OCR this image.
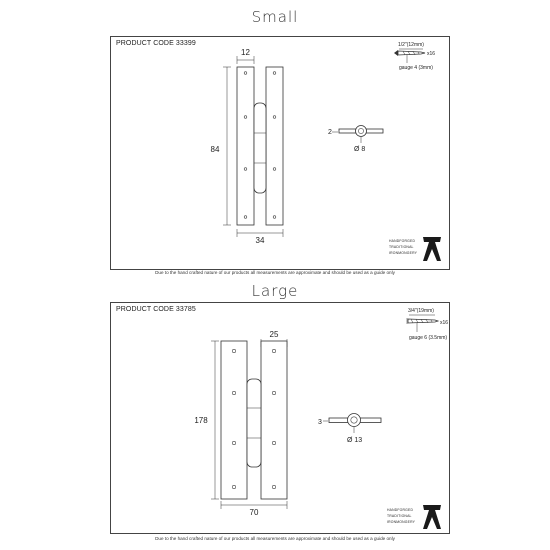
Small
PRODUCT CODE 33399
12
84
34
1/2"(12mm)
x16
gauge 4 (3mm)
2
Ø 8
HANDFORGED
TRADITIONAL
IRONMONGERY
Due to the hand crafted nature of our products all measurements are approximate and should be used as a guide only
Large
PRODUCT CODE 33785
25
178
70
3/4"(19mm)
x16
gauge 6 (3.5mm)
3
Ø 13
HANDFORGED
TRADITIONAL
IRONMONGERY
Due to the hand crafted nature of our products all measurements are approximate and should be used as a guide only
